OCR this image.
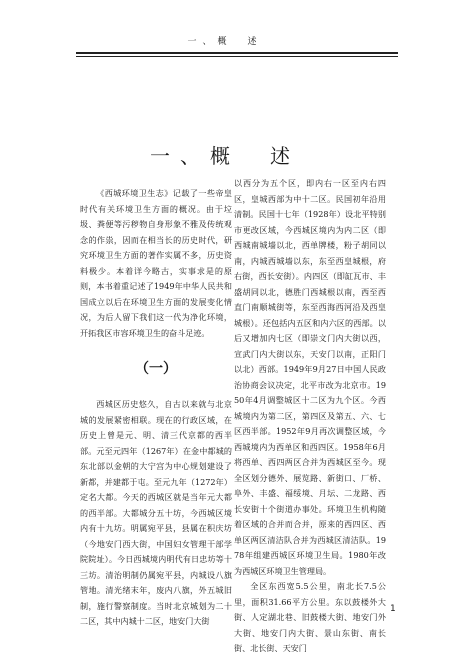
一、概　述
一、概　述

《西城环境卫生志》记载了一些帝皇时代有关环境卫生方面的概况。由于垃圾、粪便等污秽物自身形象不雅及传统观念的作祟，因而在相当长的历史时代，研究环境卫生方面的著作实属不多，历史资料极少。本着详今略古，实事求是的原则，本书着重记述了1949年中华人民共和国成立以后在环境卫生方面的发展变化情况，为后人留下我们这一代为净化环境，开拓我区市容环境卫生的奋斗足迹。

（一）

西城区历史悠久，自古以来就与北京城的发展紧密相联。现在的行政区域，在历史上曾是元、明、清三代京都的西半部。元至元四年（1267年）在金中都城的东北部以金朝的大宁宫为中心规划建设了新都，并建都于屯。至元九年（1272年）定名大都。今天的西城区就是当年元大都的西半部。大都城分五十坊，今西城区境内有十九坊。明属宛平县，县属在积庆坊（今地安门西大街，中国妇女管理干部学院院址）。今日西城境内明代有日忠坊等十三坊。清治明制仍属宛平县，内城设八旗管地。清光绪末年，废内八旗，外五城旧制，施行警察制度。当时北京城划为二十二区，其中内城十二区，地安门大街

以西分为五个区，即内右一区至内右四区，皇城西部为中十二区。民国初年沿用清制。民国十七年（1928年）设北平特别市更改区域，今西城区境内为内二区（即西城南城墙以北，西单牌楼，粉子胡同以南，内城西城墙以东，东至西皇城根，府右街，西长安街）。内四区（即缸瓦市、丰盛胡同以北，德胜门西城根以南，西至西直门南顺城街等，东至西海西河沿及西皇城根）。还包括内五区和内六区的西部。以后又增加内七区（即崇文门内大街以西，宣武门内大街以东，天安门以南，正阳门以北）西部。1949年9月27日中国人民政治协商会议决定，北平市改为北京市。1950年4月调整城区十二区为九个区。今西城境内为第二区，第四区及第五、六、七区西半部。1952年9月再次调整区域，今西城境内为西单区和西四区。1958年6月将西单、西四两区合并为西城区至今。现全区划分德外、展览路、新街口、厂桥、阜外、丰盛、福绥境、月坛、二龙路、西长安街十个街道办事处。环境卫生机构随着区域的合并而合并，原来的西四区、西单区两区清洁队合并为西城区清洁队。1978年组建西城区环境卫生局。1980年改为西城区环境卫生管理局。

全区东西宽5.5公里，南北长7.5公里，面积31.66平方公里。东以鼓楼外大街、人定湖北巷、旧鼓楼大街、地安门外大街、地安门内大街、景山东街、南长街、北长街、天安门

1
